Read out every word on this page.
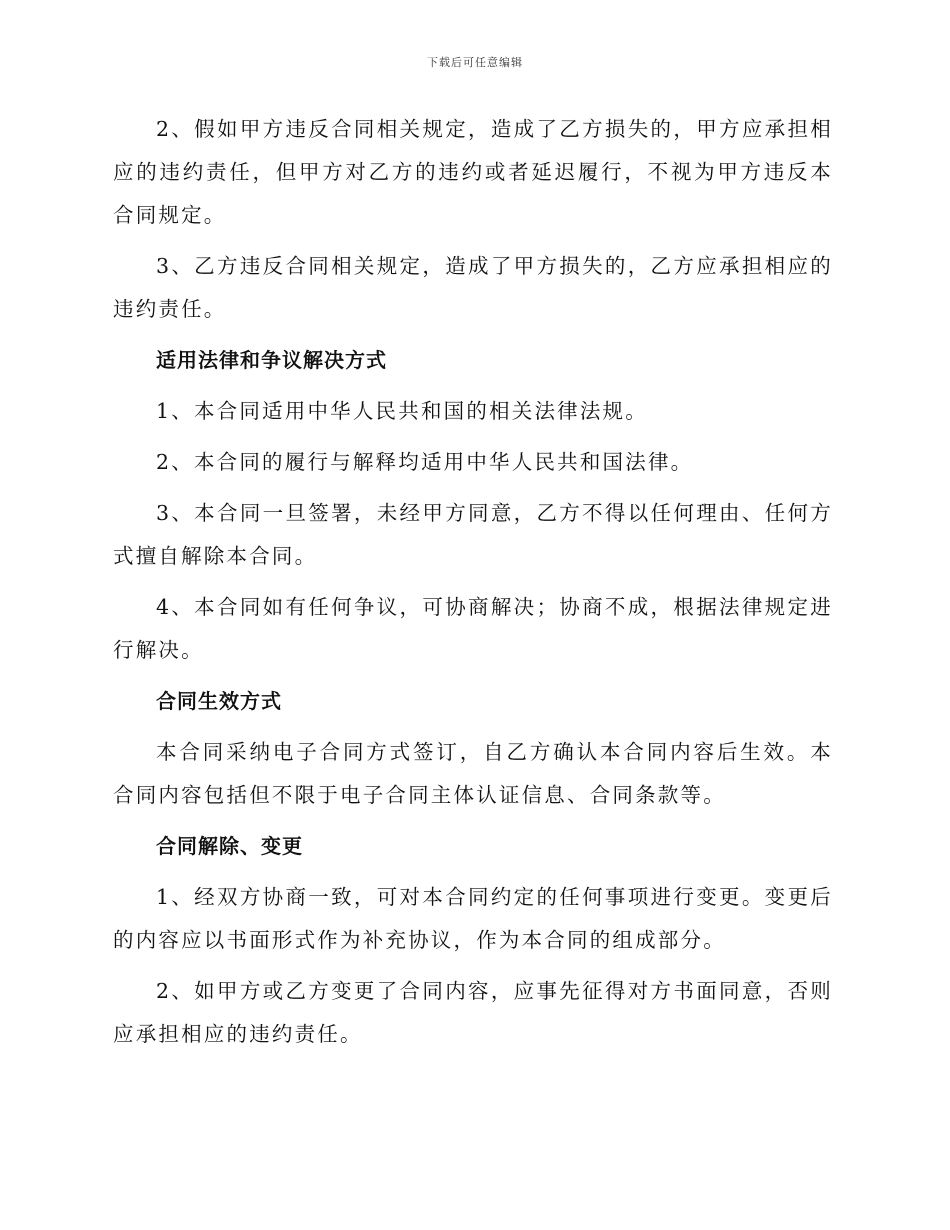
下载后可任意编辑

2、假如甲方违反合同相关规定，造成了乙方损失的，甲方应承担相应的违约责任，但甲方对乙方的违约或者延迟履行，不视为甲方违反本合同规定。

3、乙方违反合同相关规定，造成了甲方损失的，乙方应承担相应的违约责任。

适用法律和争议解决方式

1、本合同适用中华人民共和国的相关法律法规。

2、本合同的履行与解释均适用中华人民共和国法律。

3、本合同一旦签署，未经甲方同意，乙方不得以任何理由、任何方式擅自解除本合同。

4、本合同如有任何争议，可协商解决；协商不成，根据法律规定进行解决。

合同生效方式

本合同采纳电子合同方式签订，自乙方确认本合同内容后生效。本合同内容包括但不限于电子合同主体认证信息、合同条款等。

合同解除、变更

1、经双方协商一致，可对本合同约定的任何事项进行变更。变更后的内容应以书面形式作为补充协议，作为本合同的组成部分。

2、如甲方或乙方变更了合同内容，应事先征得对方书面同意，否则应承担相应的违约责任。
